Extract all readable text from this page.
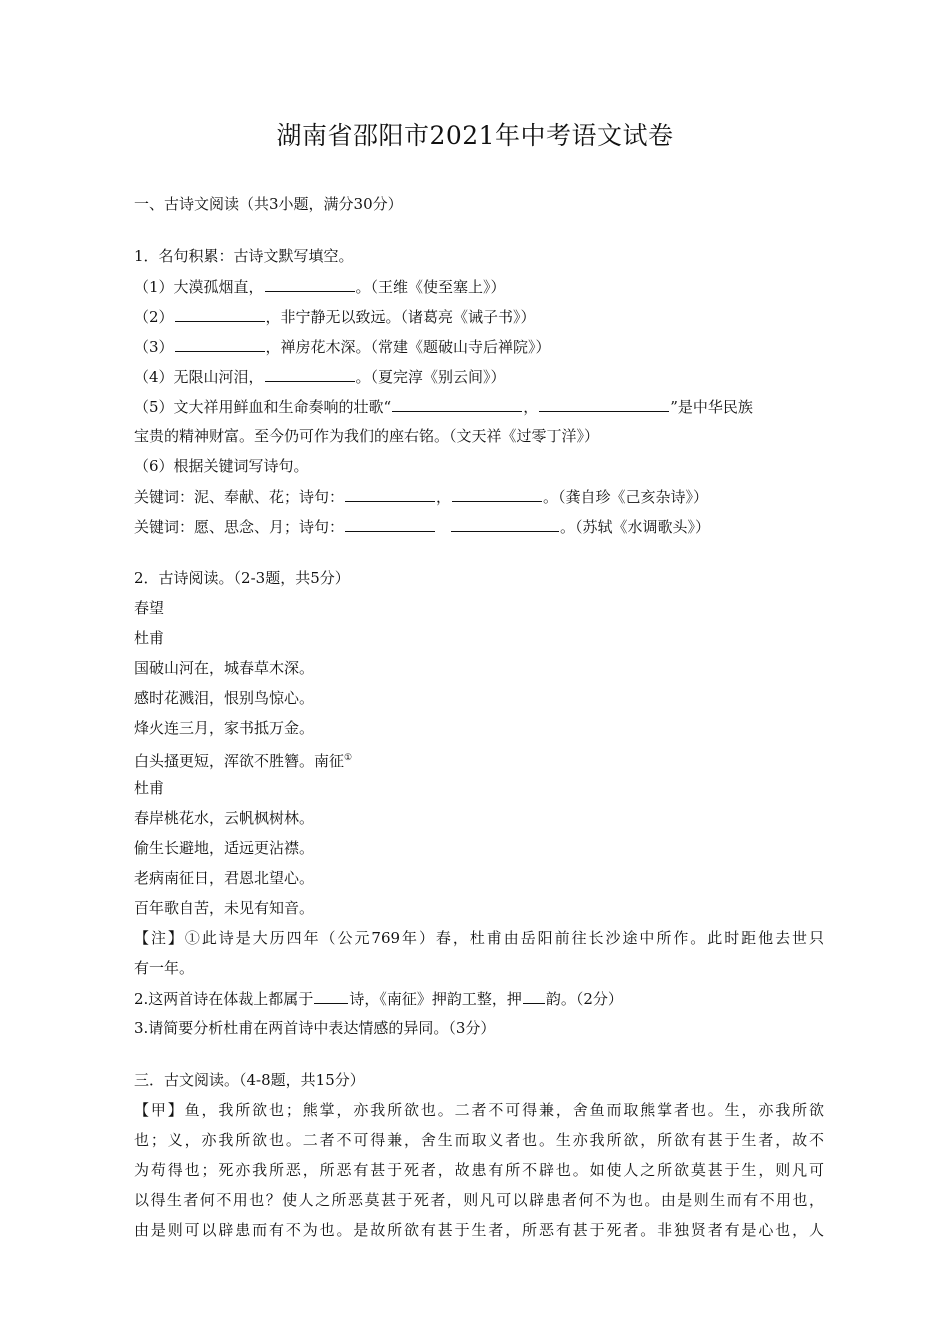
湖南省邵阳市2021年中考语文试卷
一、古诗文阅读（共3小题，满分30分）
1．名句积累：古诗文默写填空。
（1）大漠孤烟直，	。（王维《使至塞上》）
（2）	，非宁静无以致远。（诸葛亮《诫子书》）
（3）	，禅房花木深。（常建《题破山寺后禅院》）
（4）无限山河泪，	。（夏完淳《别云间》）
（5）文大祥用鲜血和生命奏响的壮歌“	，	”是中华民族
宝贵的精神财富。至今仍可作为我们的座右铭。（文天祥《过零丁洋》）
（6）根据关键词写诗句。
关键词：泥、奉献、花；诗句：	，	。（龚自珍《己亥杂诗》）
关键词：愿、思念、月；诗句：	。（苏轼《水调歌头》）
2．古诗阅读。（2-3题，共5分）
春望
杜甫
国破山河在，城春草木深。
感时花溅泪，恨别鸟惊心。
烽火连三月，家书抵万金。
白头搔更短，浑欲不胜簪。南征①
杜甫
春岸桃花水，云帆枫树林。
偷生长避地，适远更沾襟。
老病南征日，君恩北望心。
百年歌自苦，未见有知音。
【注】①此诗是大历四年（公元769年）春，杜甫由岳阳前往长沙途中所作。此时距他去世只
有一年。
2.这两首诗在体裁上都属于 诗，《南征》押韵工整，押 韵。（2分）
3.请简要分析杜甫在两首诗中表达情感的异同。（3分）
三．古文阅读。（4-8题，共15分）
【甲】鱼，我所欲也；熊掌，亦我所欲也。二者不可得兼，舍鱼而取熊掌者也。生，亦我所欲
也；义，亦我所欲也。二者不可得兼，舍生而取义者也。生亦我所欲，所欲有甚于生者，故不
为苟得也；死亦我所恶，所恶有甚于死者，故患有所不辟也。如使人之所欲莫甚于生，则凡可
以得生者何不用也？使人之所恶莫甚于死者，则凡可以辟患者何不为也。由是则生而有不用也，
由是则可以辟患而有不为也。是故所欲有甚于生者，所恶有甚于死者。非独贤者有是心也，人
